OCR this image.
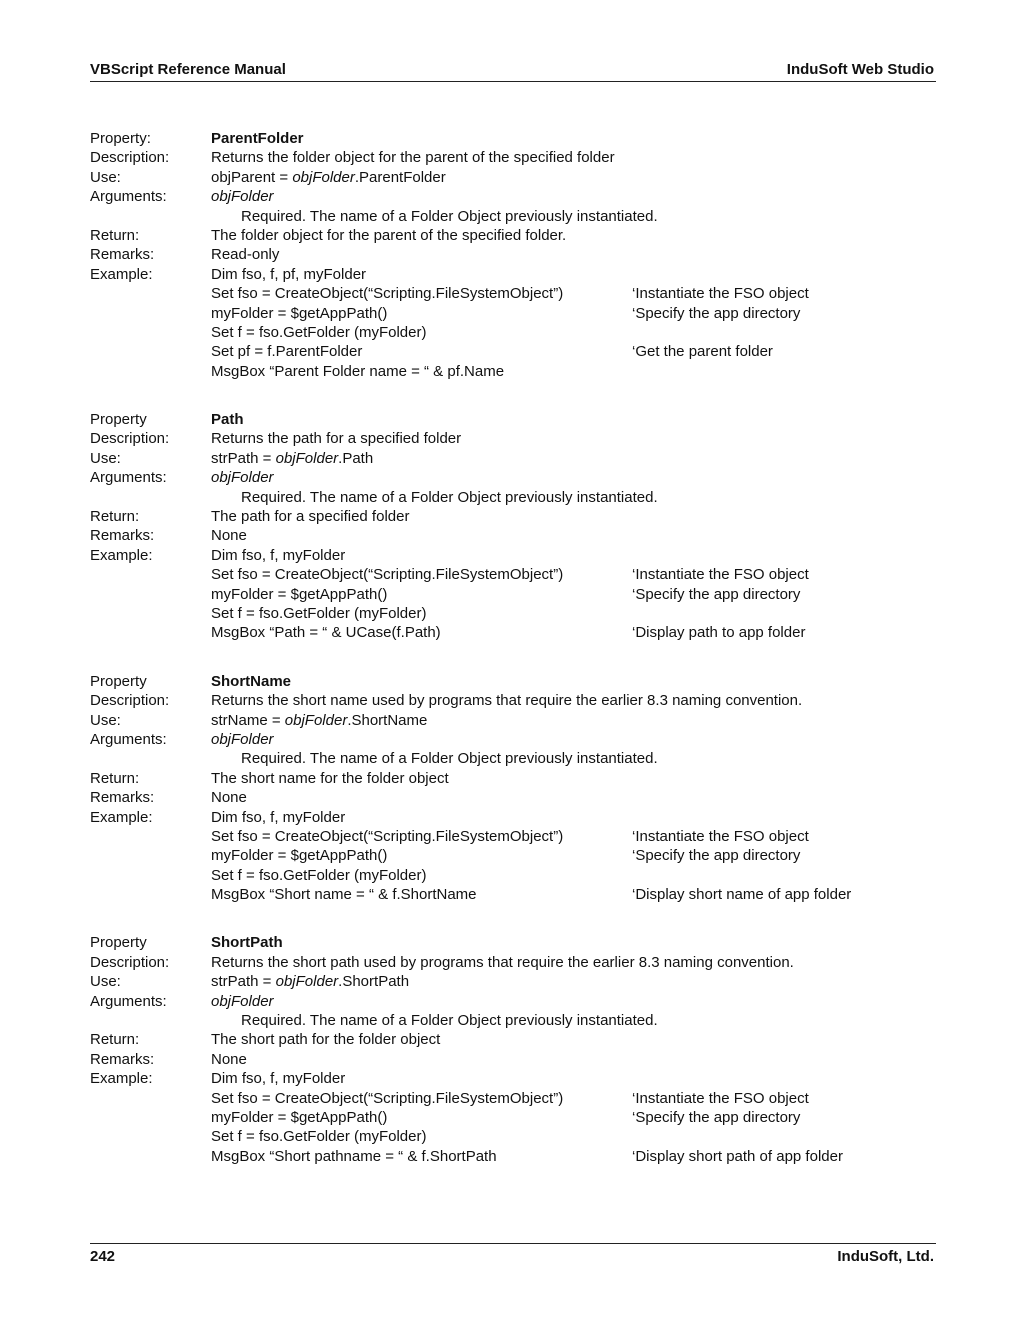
VBScript Reference Manual	InduSoft Web Studio
Property:	ParentFolder
Description:	Returns the folder object for the parent of the specified folder
Use:	objParent = objFolder.ParentFolder
Arguments:	objFolder
Required. The name of a Folder Object previously instantiated.
Return:	The folder object for the parent of the specified folder.
Remarks:	Read-only
Example:	Dim fso, f, pf, myFolder
Set fso = CreateObject(“Scripting.FileSystemObject”)	‘Instantiate the FSO object
myFolder = $getAppPath()	‘Specify the app directory
Set f = fso.GetFolder (myFolder)
Set pf = f.ParentFolder	‘Get the parent folder
MsgBox “Parent Folder name = “ & pf.Name
Property	Path
Description:	Returns the path for a specified folder
Use:	strPath = objFolder.Path
Arguments:	objFolder
Required. The name of a Folder Object previously instantiated.
Return:	The path for a specified folder
Remarks:	None
Example:	Dim fso, f, myFolder
Set fso = CreateObject(“Scripting.FileSystemObject”)	‘Instantiate the FSO object
myFolder = $getAppPath()	‘Specify the app directory
Set f = fso.GetFolder (myFolder)
MsgBox “Path = “ & UCase(f.Path)	‘Display path to app folder
Property	ShortName
Description:	Returns the short name used by programs that require the earlier 8.3 naming convention.
Use:	strName = objFolder.ShortName
Arguments:	objFolder
Required. The name of a Folder Object previously instantiated.
Return:	The short name for the folder object
Remarks:	None
Example:	Dim fso, f, myFolder
Set fso = CreateObject(“Scripting.FileSystemObject”)	‘Instantiate the FSO object
myFolder = $getAppPath()	‘Specify the app directory
Set f = fso.GetFolder (myFolder)
MsgBox “Short name = “ & f.ShortName	‘Display short name of app folder
Property	ShortPath
Description:	Returns the short path used by programs that require the earlier 8.3 naming convention.
Use:	strPath = objFolder.ShortPath
Arguments:	objFolder
Required. The name of a Folder Object previously instantiated.
Return:	The short path for the folder object
Remarks:	None
Example:	Dim fso, f, myFolder
Set fso = CreateObject(“Scripting.FileSystemObject”)	‘Instantiate the FSO object
myFolder = $getAppPath()	‘Specify the app directory
Set f = fso.GetFolder (myFolder)
MsgBox “Short pathname = “ & f.ShortPath	‘Display short path of app folder
242	InduSoft, Ltd.
